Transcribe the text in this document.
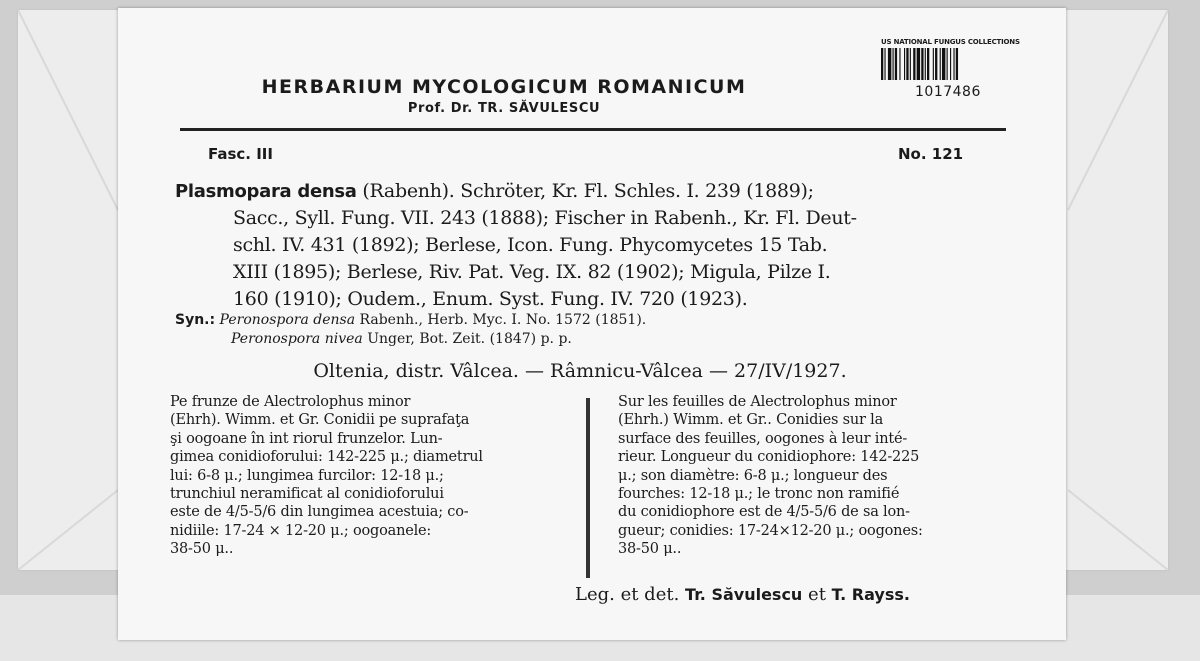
HERBARIUM MYCOLOGICUM ROMANICUM
Prof. Dr. TR. SĂVULESCU
US NATIONAL FUNGUS COLLECTIONS
1017486
Fasc. III	No. 121
Plasmopara densa (Rabenh). Schröter, Kr. Fl. Schles. I. 239 (1889);
Sacc., Syll. Fung. VII. 243 (1888); Fischer in Rabenh., Kr. Fl. Deut-
schl. IV. 431 (1892); Berlese, Icon. Fung. Phycomycetes 15 Tab.
XIII (1895); Berlese, Riv. Pat. Veg. IX. 82 (1902); Migula, Pilze I.
160 (1910); Oudem., Enum. Syst. Fung. IV. 720 (1923).
Syn.: Peronospora densa Rabenh., Herb. Myc. I. No. 1572 (1851).
Peronospora nivea Unger, Bot. Zeit. (1847) p. p.
Oltenia, distr. Vâlcea. — Râmnicu-Vâlcea — 27/IV/1927.
Pe frunze de Alectrolophus minor
(Ehrh). Wimm. et Gr. Conidii pe suprafaţa
şi oogoane în int riorul frunzelor. Lun-
gimea conidioforului: 142-225 μ.; diametrul
lui: 6-8 μ.; lungimea furcilor: 12-18 μ.;
trunchiul neramificat al conidioforului
este de 4/5-5/6 din lungimea acestuia; co-
nidiile: 17-24 × 12-20 μ.; oogoanele:
38-50 μ..
Sur les feuilles de Alectrolophus minor
(Ehrh.) Wimm. et Gr.. Conidies sur la
surface des feuilles, oogones à leur inté-
rieur. Longueur du conidiophore: 142-225
μ.; son diamètre: 6-8 μ.; longueur des
fourches: 12-18 μ.; le tronc non ramifié
du conidiophore est de 4/5-5/6 de sa lon-
gueur; conidies: 17-24×12-20 μ.; oogones:
38-50 μ..
Leg. et det. Tr. Săvulescu et T. Rayss.
